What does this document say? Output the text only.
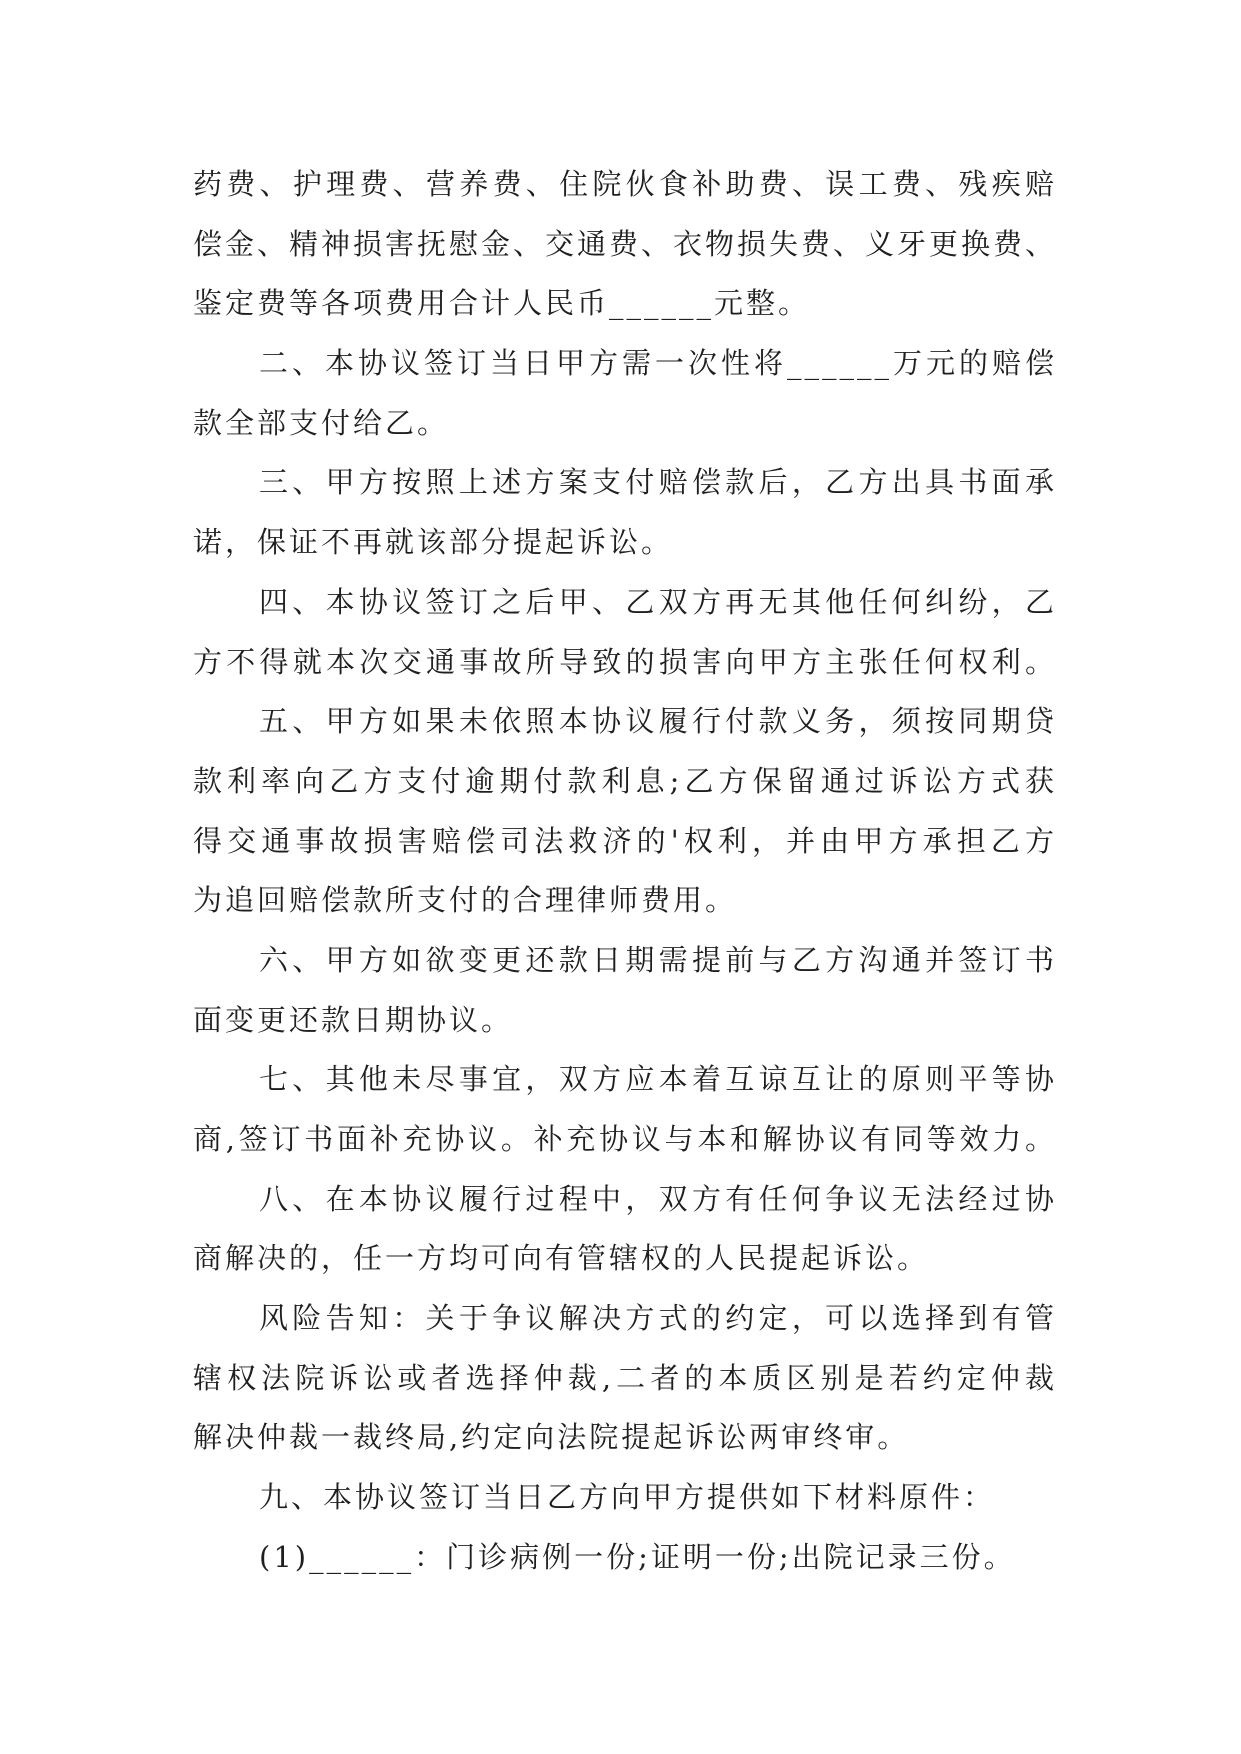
药费、护理费、营养费、住院伙食补助费、误工费、残疾赔
偿金、精神损害抚慰金、交通费、衣物损失费、义牙更换费、
鉴定费等各项费用合计人民币______元整。
二、本协议签订当日甲方需一次性将______万元的赔偿
款全部支付给乙。
三、甲方按照上述方案支付赔偿款后，乙方出具书面承
诺，保证不再就该部分提起诉讼。
四、本协议签订之后甲、乙双方再无其他任何纠纷，乙
方不得就本次交通事故所导致的损害向甲方主张任何权利。
五、甲方如果未依照本协议履行付款义务，须按同期贷
款利率向乙方支付逾期付款利息;乙方保留通过诉讼方式获
得交通事故损害赔偿司法救济的'权利，并由甲方承担乙方
为追回赔偿款所支付的合理律师费用。
六、甲方如欲变更还款日期需提前与乙方沟通并签订书
面变更还款日期协议。
七、其他未尽事宜，双方应本着互谅互让的原则平等协
商,签订书面补充协议。补充协议与本和解协议有同等效力。
八、在本协议履行过程中，双方有任何争议无法经过协
商解决的，任一方均可向有管辖权的人民提起诉讼。
风险告知：关于争议解决方式的约定，可以选择到有管
辖权法院诉讼或者选择仲裁,二者的本质区别是若约定仲裁
解决仲裁一裁终局,约定向法院提起诉讼两审终审。
九、本协议签订当日乙方向甲方提供如下材料原件：
(1)______：门诊病例一份;证明一份;出院记录三份。
